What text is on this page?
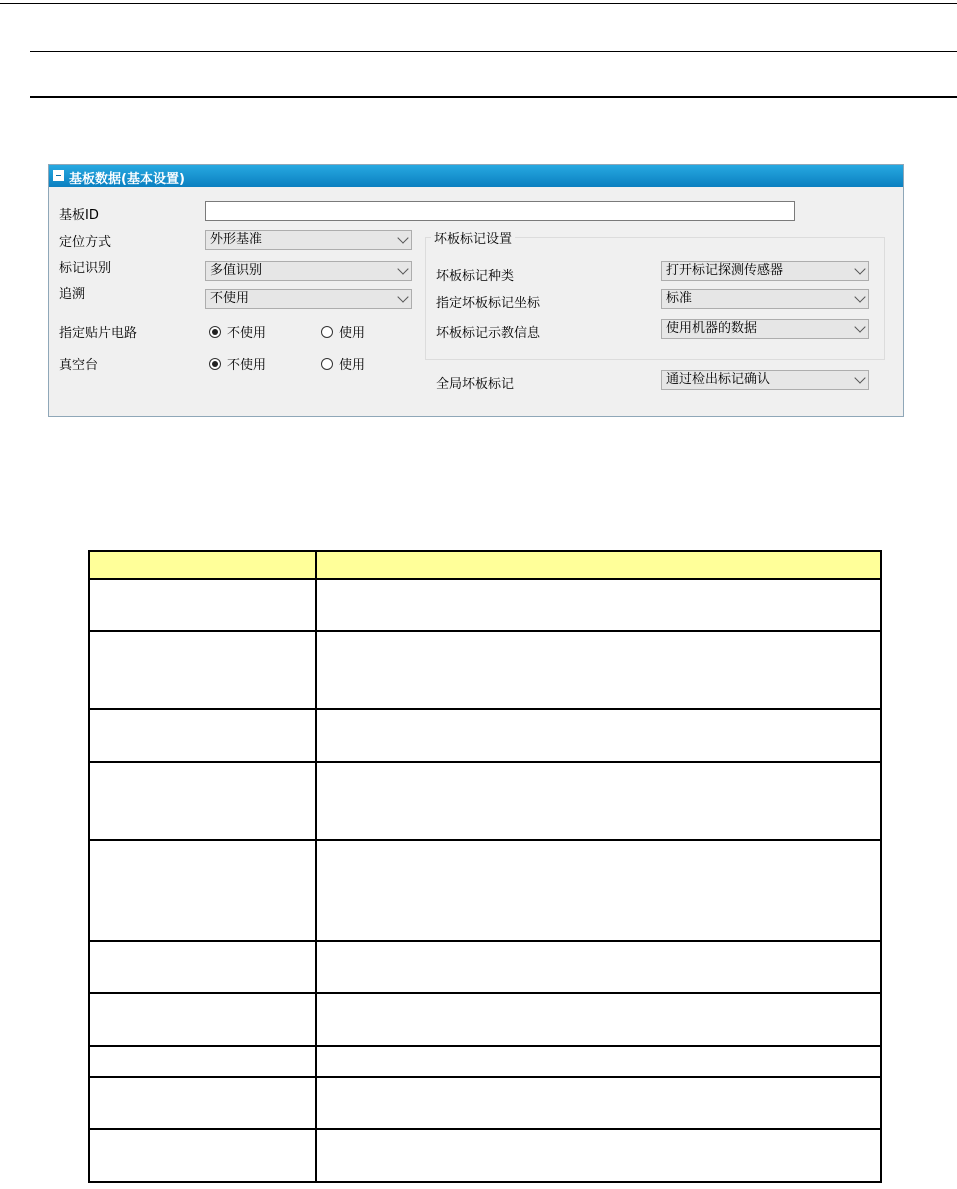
基板数据(基本设置)
基板ID
定位方式	外形基准
标记识别	多值识别
追溯	不使用
指定贴片电路	不使用	使用
真空台	不使用	使用
坏板标记设置
坏板标记种类	打开标记探测传感器
指定坏板标记坐标	标准
坏板标记示教信息	使用机器的数据
全局坏板标记	通过检出标记确认
